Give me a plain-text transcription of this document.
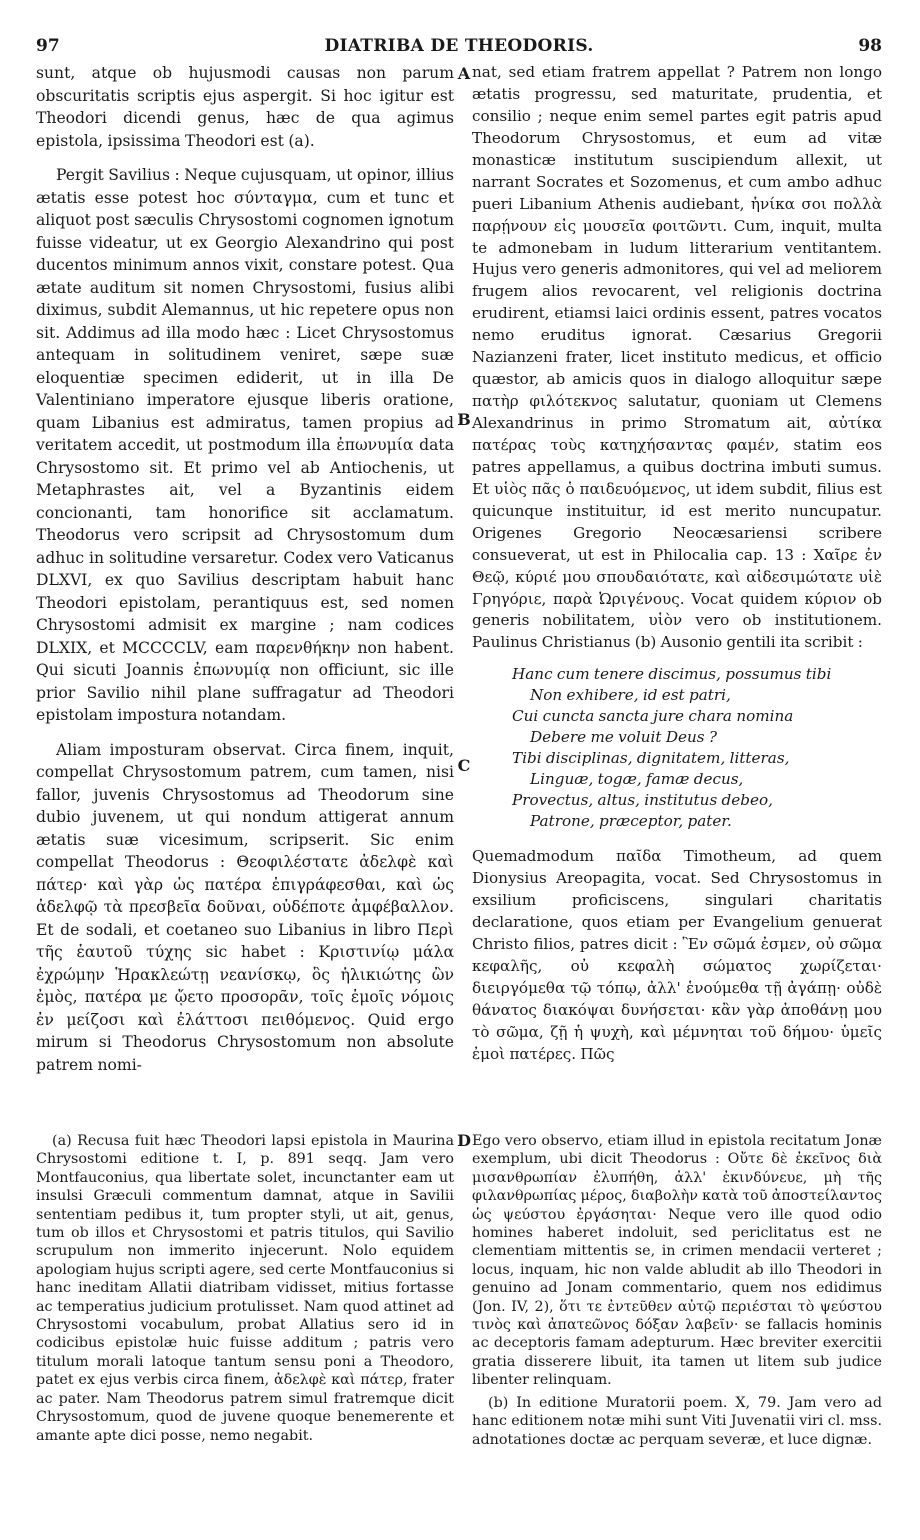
97	DIATRIBA DE THEODORIS.	98

sunt, atque ob hujusmodi causas non parum obscuritatis scriptis ejus aspergit. Si hoc igitur est Theodori dicendi genus, hæc de qua agimus epistola, ipsissima Theodori est (a).

Pergit Savilius : Neque cujusquam, ut opinor, illius ætatis esse potest hoc σύνταγμα, cum et tunc et aliquot post sæculis Chrysostomi cognomen ignotum fuisse videatur, ut ex Georgio Alexandrino qui post ducentos minimum annos vixit, constare potest. Qua ætate auditum sit nomen Chrysostomi, fusius alibi diximus, subdit Alemannus, ut hic repetere opus non sit. Addimus ad illa modo hæc : Licet Chrysostomus antequam in solitudinem veniret, sæpe suæ eloquentiæ specimen ediderit, ut in illa De Valentiniano imperatore ejusque liberis oratione, quam Libanius est admiratus, tamen propius ad veritatem accedit, ut postmodum illa ἐπωνυμία data Chrysostomo sit. Et primo vel ab Antiochenis, ut Metaphrastes ait, vel a Byzantinis eidem concionanti, tam honorifice sit acclamatum. Theodorus vero scripsit ad Chrysostomum dum adhuc in solitudine versaretur. Codex vero Vaticanus DLXVI, ex quo Savilius descriptam habuit hanc Theodori epistolam, perantiquus est, sed nomen Chrysostomi admisit ex margine ; nam codices DLXIX, et MCCCCLV, eam παρενθήκην non habent. Qui sicuti Joannis ἐπωνυμίᾳ non officiunt, sic ille prior Savilio nihil plane suffragatur ad Theodori epistolam impostura notandam.

Aliam imposturam observat. Circa finem, inquit, compellat Chrysostomum patrem, cum tamen, nisi fallor, juvenis Chrysostomus ad Theodorum sine dubio juvenem, ut qui nondum attigerat annum ætatis suæ vicesimum, scripserit. Sic enim compellat Theodorus : Θεοφιλέστατε ἀδελφὲ καὶ πάτερ· καὶ γὰρ ὡς πατέρα ἐπιγράφεσθαι, καὶ ὡς ἀδελφῷ τὰ πρεσβεῖα δοῦναι, οὐδέποτε ἀμφέβαλλον. Et de sodali, et coetaneo suo Libanius in libro Περὶ τῆς ἑαυτοῦ τύχης sic habet : Κριστινίῳ μάλα ἐχρώμην Ἡρακλεώτῃ νεανίσκῳ, ὃς ἡλικιώτης ὢν ἐμὸς, πατέρα με ᾤετο προσορᾶν, τοῖς ἐμοῖς νόμοις ἐν μείζοσι καὶ ἐλάττοσι πειθόμενος. Quid ergo mirum si Theodorus Chrysostomum non absolute patrem nomi-

A
B
C
D

nat, sed etiam fratrem appellat ? Patrem non longo ætatis progressu, sed maturitate, prudentia, et consilio ; neque enim semel partes egit patris apud Theodorum Chrysostomus, et eum ad vitæ monasticæ institutum suscipiendum allexit, ut narrant Socrates et Sozomenus, et cum ambo adhuc pueri Libanium Athenis audiebant, ἡνίκα σοι πολλὰ παρῄνουν εἰς μουσεῖα φοιτῶντι. Cum, inquit, multa te admonebam in ludum litterarium ventitantem. Hujus vero generis admonitores, qui vel ad meliorem frugem alios revocarent, vel religionis doctrina erudirent, etiamsi laici ordinis essent, patres vocatos nemo eruditus ignorat. Cæsarius Gregorii Nazianzeni frater, licet instituto medicus, et officio quæstor, ab amicis quos in dialogo alloquitur sæpe πατὴρ φιλότεκνος salutatur, quoniam ut Clemens Alexandrinus in primo Stromatum ait, αὐτίκα πατέρας τοὺς κατηχήσαντας φαμέν, statim eos patres appellamus, a quibus doctrina imbuti sumus. Et υἱὸς πᾶς ὁ παιδευόμενος, ut idem subdit, filius est quicunque instituitur, id est merito nuncupatur. Origenes Gregorio Neocæsariensi scribere consueverat, ut est in Philocalia cap. 13 : Χαῖρε ἐν Θεῷ, κύριέ μου σπουδαιότατε, καὶ αἰδεσιμώτατε υἱὲ Γρηγόριε, παρὰ Ὠριγένους. Vocat quidem κύριον ob generis nobilitatem, υἱὸν vero ob institutionem. Paulinus Christianus (b) Ausonio gentili ita scribit :

Hanc cum tenere discimus, possumus tibi
Non exhibere, id est patri,
Cui cuncta sancta jure chara nomina
Debere me voluit Deus ?
Tibi disciplinas, dignitatem, litteras,
Linguæ, togæ, famæ decus,
Provectus, altus, institutus debeo,
Patrone, præceptor, pater.

Quemadmodum παῖδα Timotheum, ad quem Dionysius Areopagita, vocat. Sed Chrysostomus in exsilium proficiscens, singulari charitatis declaratione, quos etiam per Evangelium genuerat Christo filios, patres dicit : Ἓν σῶμά ἐσμεν, οὐ σῶμα κεφαλῆς, οὐ κεφαλὴ σώματος χωρίζεται· διειργόμεθα τῷ τόπῳ, ἀλλ' ἑνούμεθα τῇ ἀγάπῃ· οὐδὲ θάνατος διακόψαι δυνήσεται· κἂν γὰρ ἀποθάνῃ μου τὸ σῶμα, ζῇ ἡ ψυχὴ, καὶ μέμνηται τοῦ δήμου· ὑμεῖς ἐμοὶ πατέρες. Πῶς

(a) Recusa fuit hæc Theodori lapsi epistola in Maurina Chrysostomi editione t. I, p. 891 seqq. Jam vero Montfauconius, qua libertate solet, incunctanter eam ut insulsi Græculi commentum damnat, atque in Savilii sententiam pedibus it, tum propter styli, ut ait, genus, tum ob illos et Chrysostomi et patris titulos, qui Savilio scrupulum non immerito injecerunt. Nolo equidem apologiam hujus scripti agere, sed certe Montfauconius si hanc ineditam Allatii diatribam vidisset, mitius fortasse ac temperatius judicium protulisset. Nam quod attinet ad Chrysostomi vocabulum, probat Allatius sero id in codicibus epistolæ huic fuisse additum ; patris vero titulum morali latoque tantum sensu poni a Theodoro, patet ex ejus verbis circa finem, ἀδελφὲ καὶ πάτερ, frater ac pater. Nam Theodorus patrem simul fratremque dicit Chrysostomum, quod de juvene quoque benemerente et amante apte dici posse, nemo negabit.

Ego vero observo, etiam illud in epistola recitatum Jonæ exemplum, ubi dicit Theodorus : Οὔτε δὲ ἐκεῖνος διὰ μισανθρωπίαν ἐλυπήθη, ἀλλ' ἐκινδύνευε, μὴ τῆς φιλανθρωπίας μέρος, διαβολὴν κατὰ τοῦ ἀποστείλαντος ὡς ψεύστου ἐργάσηται· Neque vero ille quod odio homines haberet indoluit, sed periclitatus est ne clementiam mittentis se, in crimen mendacii verteret ; locus, inquam, hic non valde abludit ab illo Theodori in genuino ad Jonam commentario, quem nos edidimus (Jon. IV, 2), ὅτι τε ἐντεῦθεν αὐτῷ περιέσται τὸ ψεύστου τινὸς καὶ ἀπατεῶνος δόξαν λαβεῖν· se fallacis hominis ac deceptoris famam adepturum. Hæc breviter exercitii gratia disserere libuit, ita tamen ut litem sub judice libenter relinquam.

(b) In editione Muratorii poem. X, 79. Jam vero ad hanc editionem notæ mihi sunt Viti Juvenatii viri cl. mss. adnotationes doctæ ac perquam severæ, et luce dignæ.
